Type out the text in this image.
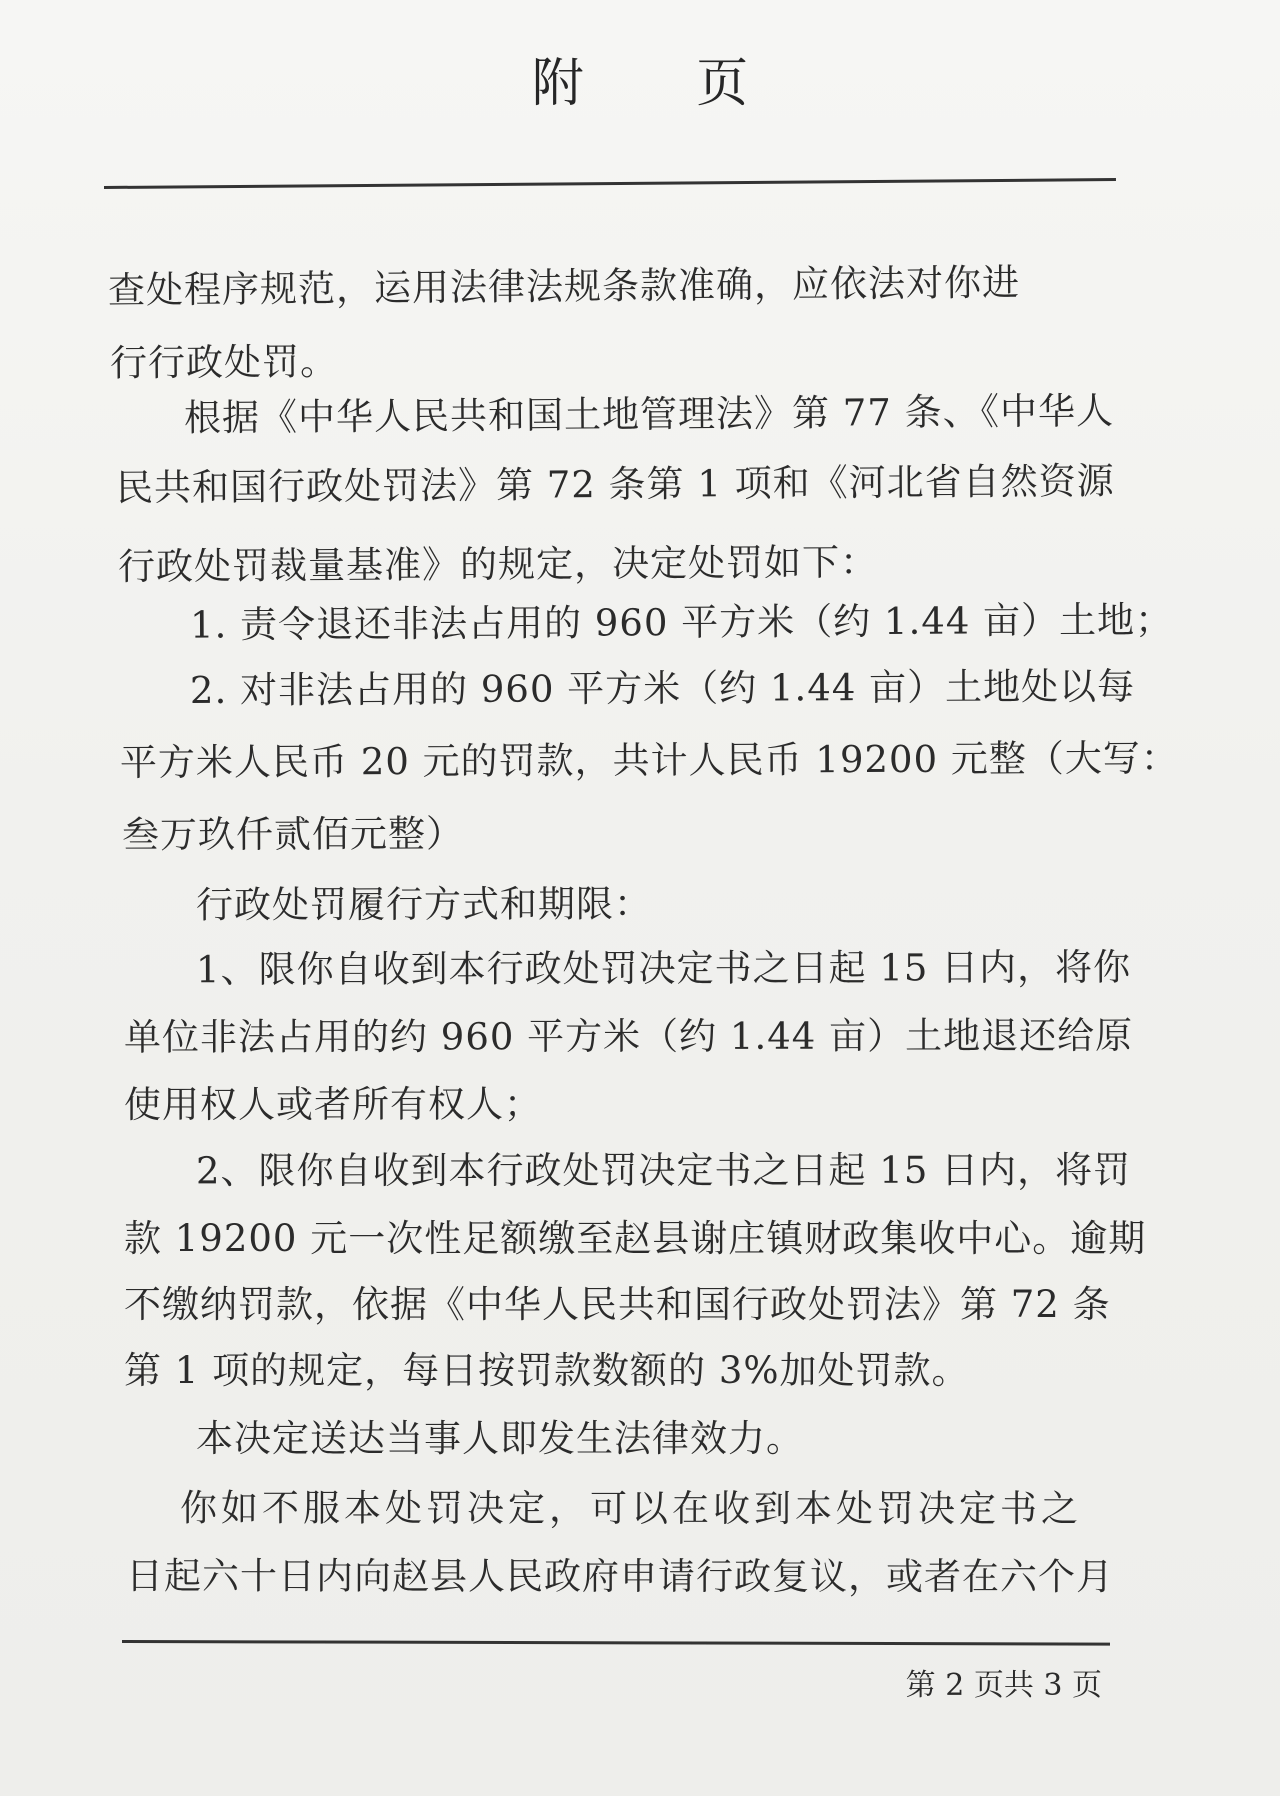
附 页
查处程序规范，运用法律法规条款准确，应依法对你进
行行政处罚。
根据《中华人民共和国土地管理法》第 77 条、《中华人
民共和国行政处罚法》第 72 条第 1 项和《河北省自然资源
行政处罚裁量基准》的规定，决定处罚如下：
1. 责令退还非法占用的 960 平方米（约 1.44 亩）土地；
2. 对非法占用的 960 平方米（约 1.44 亩）土地处以每
平方米人民币 20 元的罚款，共计人民币 19200 元整（大写：
叁万玖仟贰佰元整）
行政处罚履行方式和期限：
1、限你自收到本行政处罚决定书之日起 15 日内，将你
单位非法占用的约 960 平方米（约 1.44 亩）土地退还给原
使用权人或者所有权人；
2、限你自收到本行政处罚决定书之日起 15 日内，将罚
款 19200 元一次性足额缴至赵县谢庄镇财政集收中心。逾期
不缴纳罚款，依据《中华人民共和国行政处罚法》第 72 条
第 1 项的规定，每日按罚款数额的 3%加处罚款。
本决定送达当事人即发生法律效力。
你如不服本处罚决定，可以在收到本处罚决定书之
日起六十日内向赵县人民政府申请行政复议，或者在六个月
第 2 页共 3 页
